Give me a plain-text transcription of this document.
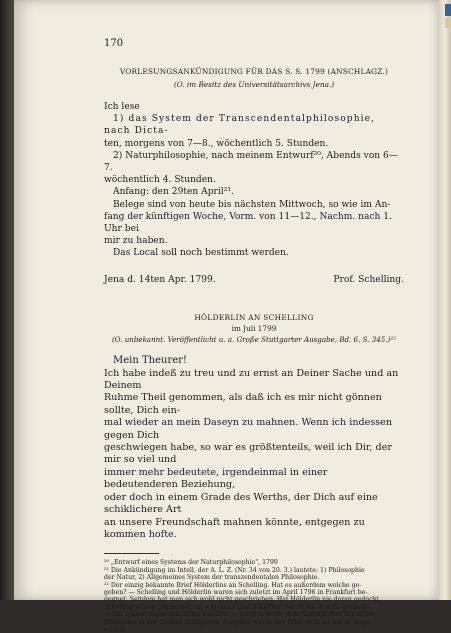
170
VORLESUNGSANKÜNDIGUNG FÜR DAS S. S. 1799 (ANSCHLAGZ.)
(O. im Besitz des Universitätsarchivs Jena.)

Ich lese

1) das System der Transcendentalphilosophie, nach Dicta-

ten, morgens von 7—8., wöchentlich 5. Stunden.

2) Naturphilosophie, nach meinem Entwurf²⁰, Abends von 6—7.

wöchentlich 4. Stunden.

Anfang: den 29ten April²¹.

Belege sind von heute bis nächsten Mittwoch, so wie im An-

fang der künftigen Woche, Vorm. von 11—12., Nachm. nach 1. Uhr bei

mir zu haben.

Das Local soll noch bestimmt werden.

Jena d. 14ten Apr. 1799.	Prof. Schelling.
HÖLDERLIN AN SCHELLING
im Juli 1799
(O. unbekannt. Veröffentlicht u. a. Große Stuttgarter Ausgabe, Bd. 6, S. 345.)²²
Mein Theurer!

Ich habe indeß zu treu und zu ernst an Deiner Sache und an Deinem

Ruhme Theil genommen, als daß ich es mir nicht gönnen sollte, Dich ein-

mal wieder an mein Daseyn zu mahnen. Wenn ich indessen gegen Dich

geschwiegen habe, so war es größtenteils, weil ich Dir, der mir so viel und

immer mehr bedeutete, irgendeinmal in einer bedeutenderen Beziehung,

oder doch in einem Grade des Werths, der Dich auf eine schiklichere Art

an unsere Freundschaft mahnen könnte, entgegen zu kommen hofte.

²⁰ „Entwurf eines Systems der Naturphilosophie", 1799

²¹ Die Ankündigung im Intell. der A. L. Z. (Nr. 34 von 20. 3.) lautete: 1) Philosophie

der Natur, 2) Allgemeines System der transzendentalen Philosophie.

²² Der einzig bekannte Brief Hölderlins an Schelling. Hat es außerdem welche ge-

geben? — Schelling und Hölderlin waren sich zuletzt im April 1796 in Frankfurt be-

gegnet. Seitdem hat man sich wohl nicht geschrieben. Hat Hölderlin nie daran gedacht,

Schelling seinen „Hyperion" zu schicken? Und Schelling: hat er ihn damals gelesen?

— Wir wissen eigentlich nichts darüber. — Nach A. Beck, dem Herausgeber der Briefe

Hölderlins in der Großen Stuttgarter Ausgabe, wurde der Brief nicht so von H. abge-

schickt.
